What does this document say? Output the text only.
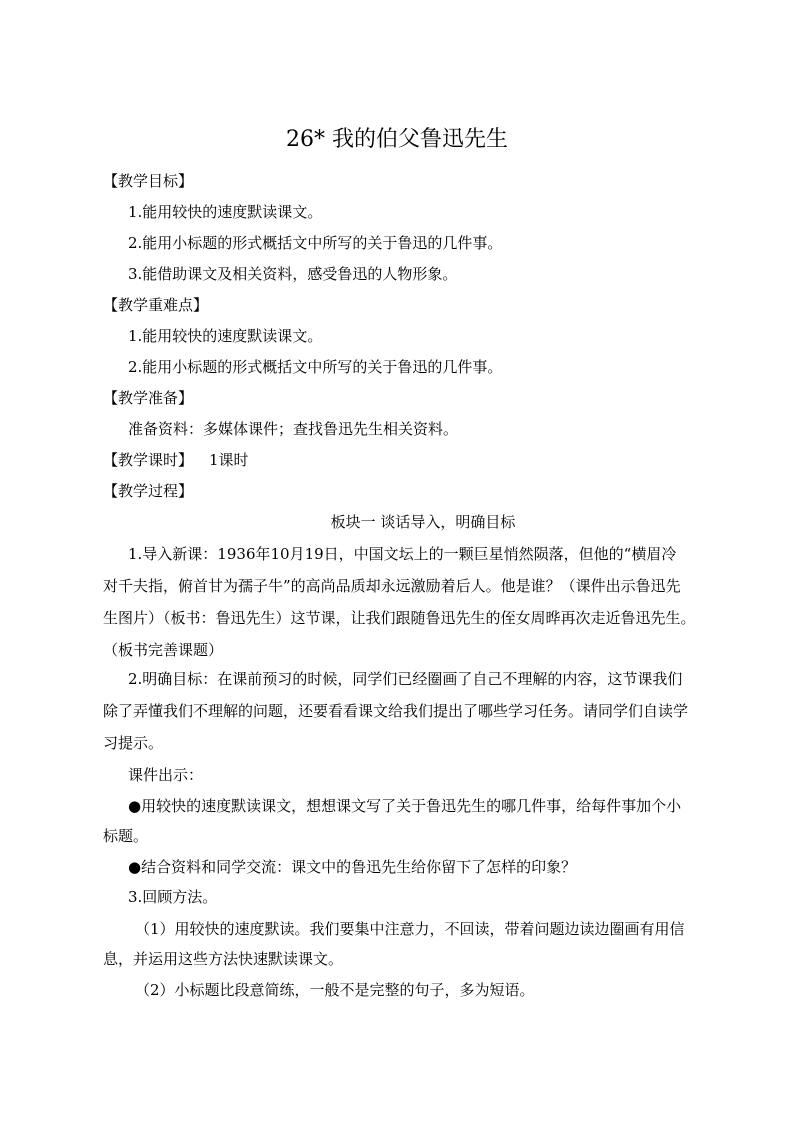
26* 我的伯父鲁迅先生
【教学目标】
1.能用较快的速度默读课文。
2.能用小标题的形式概括文中所写的关于鲁迅的几件事。
3.能借助课文及相关资料，感受鲁迅的人物形象。
【教学重难点】
1.能用较快的速度默读课文。
2.能用小标题的形式概括文中所写的关于鲁迅的几件事。
【教学准备】
准备资料：多媒体课件；查找鲁迅先生相关资料。
【教学课时】 1课时
【教学过程】
板块一 谈话导入，明确目标
1.导入新课：1936年10月19日，中国文坛上的一颗巨星悄然陨落，但他的“横眉冷
对千夫指，俯首甘为孺子牛”的高尚品质却永远激励着后人。他是谁？（课件出示鲁迅先
生图片）（板书：鲁迅先生）这节课，让我们跟随鲁迅先生的侄女周晔再次走近鲁迅先生。
（板书完善课题）
2.明确目标：在课前预习的时候，同学们已经圈画了自己不理解的内容，这节课我们
除了弄懂我们不理解的问题，还要看看课文给我们提出了哪些学习任务。请同学们自读学
习提示。
课件出示：
●用较快的速度默读课文，想想课文写了关于鲁迅先生的哪几件事，给每件事加个小
标题。
●结合资料和同学交流：课文中的鲁迅先生给你留下了怎样的印象？
3.回顾方法。
（1）用较快的速度默读。我们要集中注意力，不回读，带着问题边读边圈画有用信
息，并运用这些方法快速默读课文。
（2）小标题比段意简练，一般不是完整的句子，多为短语。
